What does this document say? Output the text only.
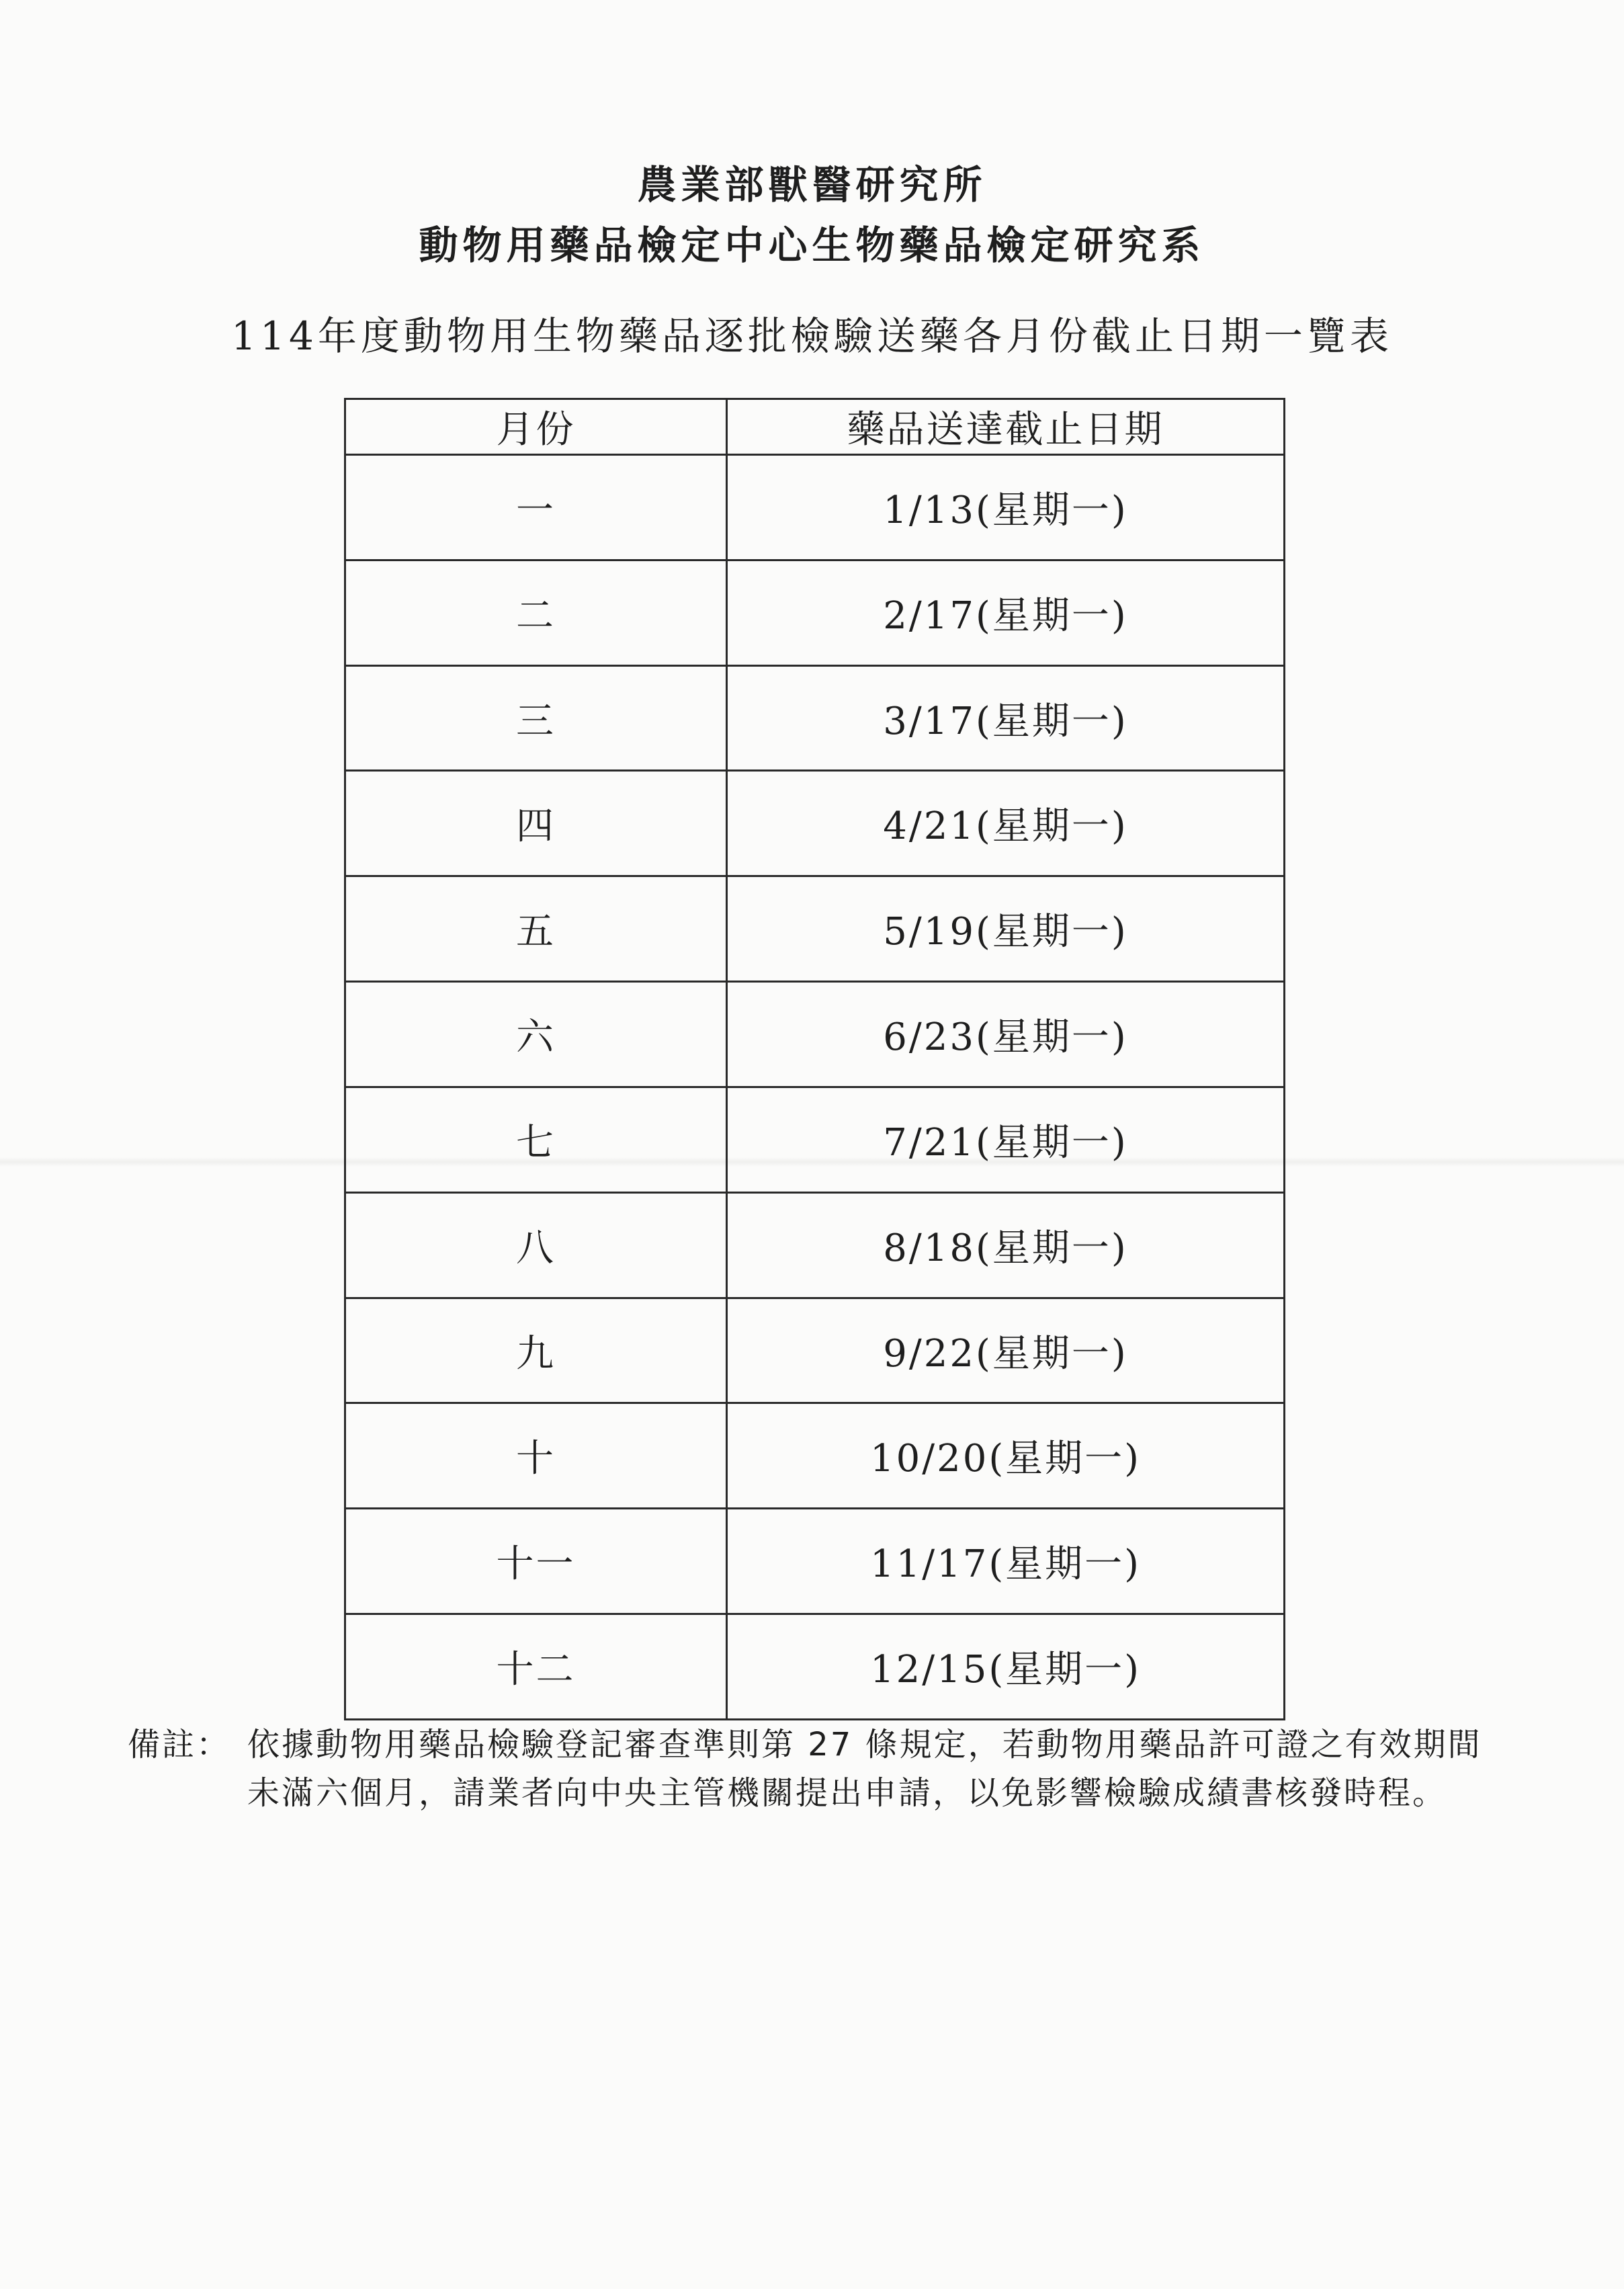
農業部獸醫研究所
動物用藥品檢定中心生物藥品檢定研究系
114年度動物用生物藥品逐批檢驗送藥各月份截止日期一覽表
月份	藥品送達截止日期
一	1/13(星期一)
二	2/17(星期一)
三	3/17(星期一)
四	4/21(星期一)
五	5/19(星期一)
六	6/23(星期一)
七	7/21(星期一)
八	8/18(星期一)
九	9/22(星期一)
十	10/20(星期一)
十一	11/17(星期一)
十二	12/15(星期一)
備註： 依據動物用藥品檢驗登記審查準則第 27 條規定，若動物用藥品許可證之有效期間未滿六個月，請業者向中央主管機關提出申請，以免影響檢驗成績書核發時程。
